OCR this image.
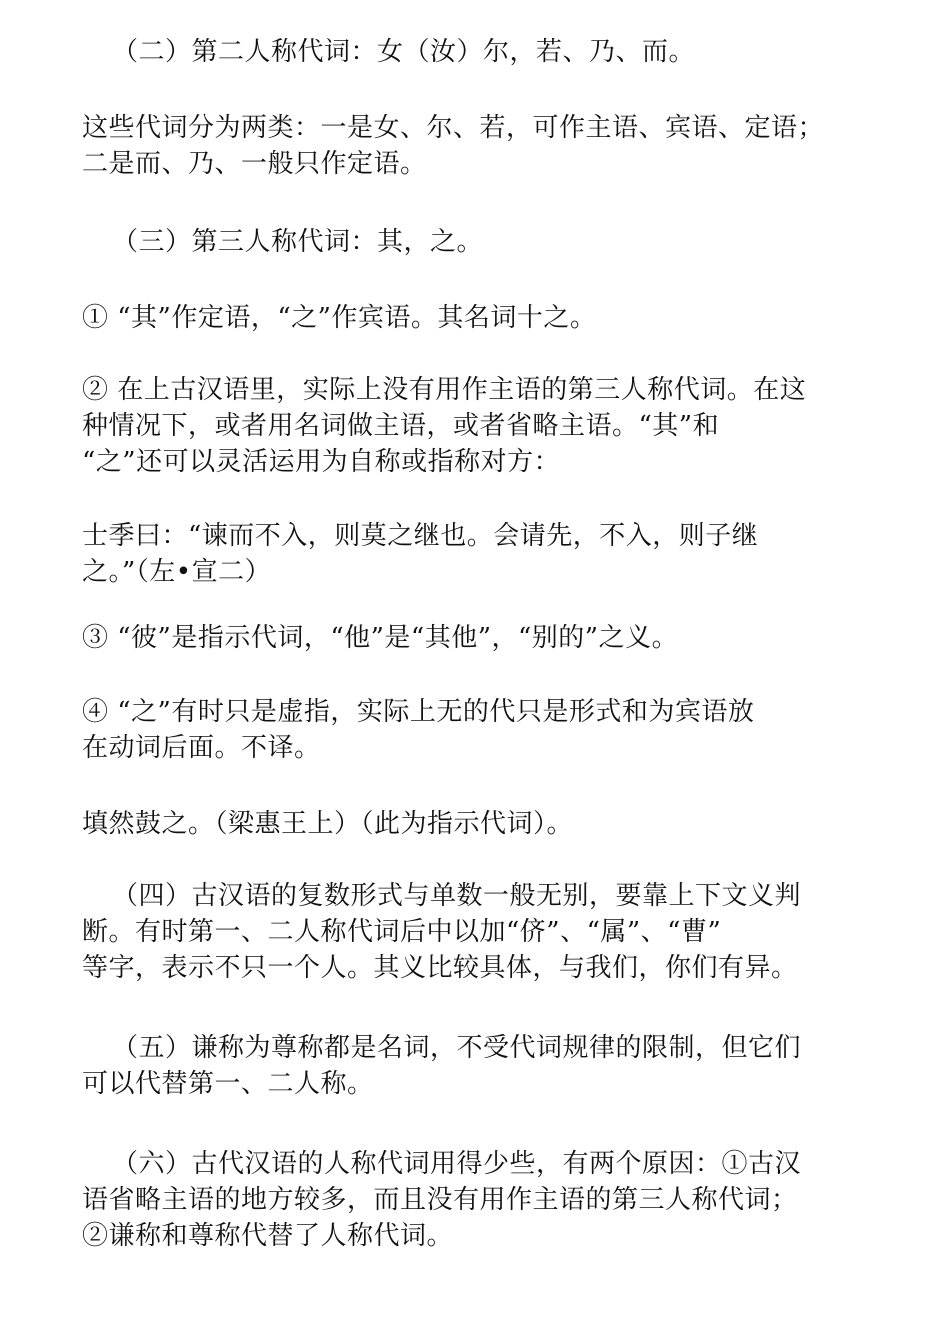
（二）第二人称代词：女（汝）尔，若、乃、而。

这些代词分为两类：一是女、尔、若，可作主语、宾语、定语；
二是而、乃、一般只作定语。

（三）第三人称代词：其，之。

① “其”作定语，“之”作宾语。其名词十之。

② 在上古汉语里，实际上没有用作主语的第三人称代词。在这
种情况下，或者用名词做主语，或者省略主语。“其”和
“之”还可以灵活运用为自称或指称对方：

士季曰：“谏而不入，则莫之继也。会请先，不入，则子继
之。”（左•宣二）

③ “彼”是指示代词，“他”是“其他”，“别的”之义。

④ “之”有时只是虚指，实际上无的代只是形式和为宾语放
在动词后面。不译。

填然鼓之。（梁惠王上）（此为指示代词）。

（四）古汉语的复数形式与单数一般无别，要靠上下文义判
断。有时第一、二人称代词后中以加“侪”、“属”、“曹”
等字，表示不只一个人。其义比较具体，与我们，你们有异。

（五）谦称为尊称都是名词，不受代词规律的限制，但它们
可以代替第一、二人称。

（六）古代汉语的人称代词用得少些，有两个原因：①古汉
语省略主语的地方较多，而且没有用作主语的第三人称代词；
②谦称和尊称代替了人称代词。
